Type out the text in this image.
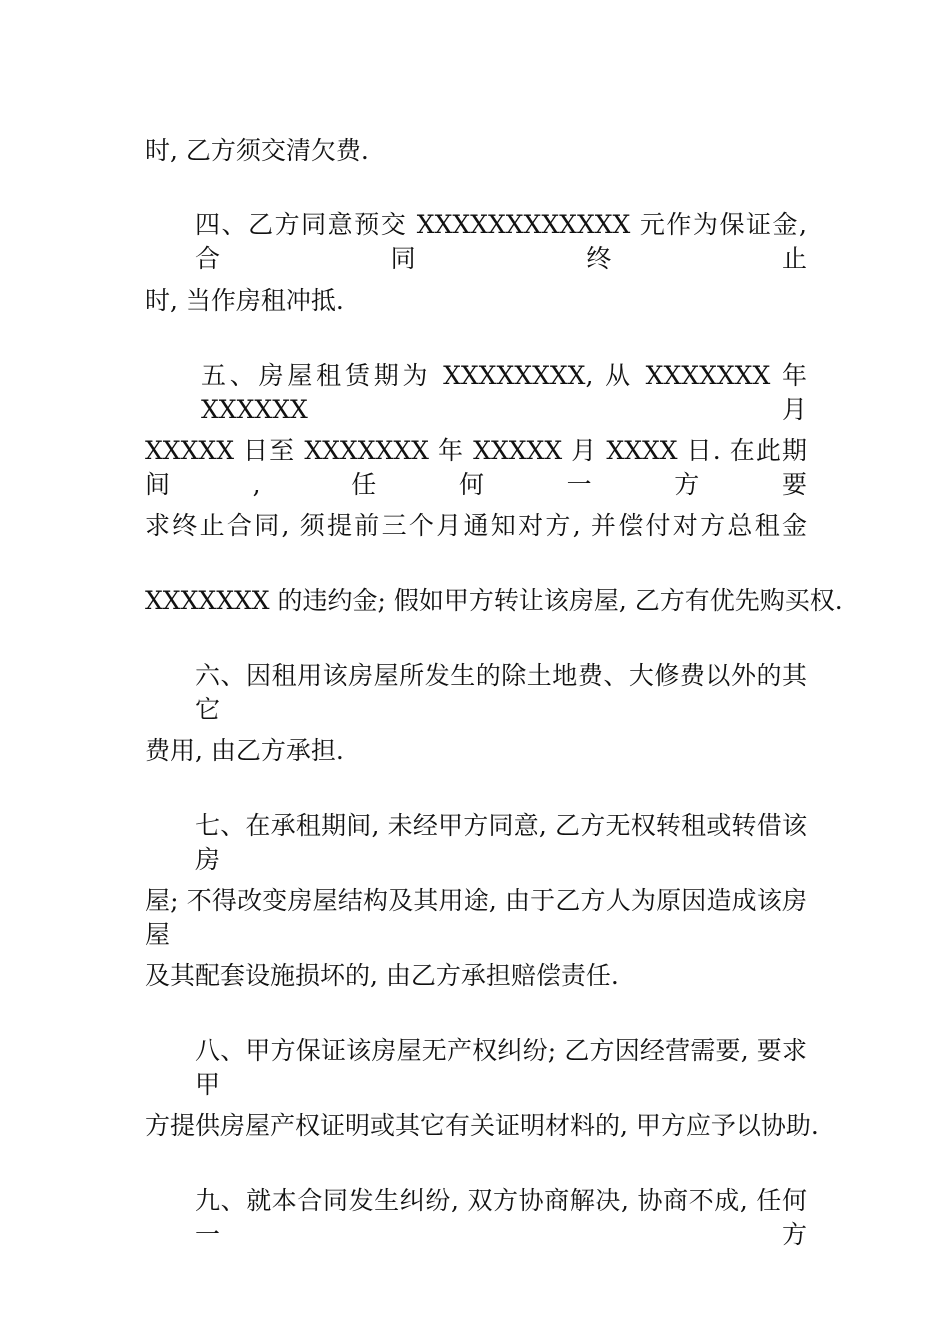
时, 乙方须交清欠费.
四、乙方同意预交 XXXXXXXXXXXX 元作为保证金, 合同终止
时, 当作房租冲抵.
五、房屋租赁期为 XXXXXXXX, 从 XXXXXXX 年 XXXXXX 月
XXXXX 日至 XXXXXXX 年 XXXXX 月 XXXX 日. 在此期间, 任何一方要
求终止合同, 须提前三个月通知对方, 并偿付对方总租金
XXXXXXX 的违约金; 假如甲方转让该房屋, 乙方有优先购买权.
六、因租用该房屋所发生的除土地费、大修费以外的其它
费用, 由乙方承担.
七、在承租期间, 未经甲方同意, 乙方无权转租或转借该房
屋; 不得改变房屋结构及其用途, 由于乙方人为原因造成该房屋
及其配套设施损坏的, 由乙方承担赔偿责任.
八、甲方保证该房屋无产权纠纷; 乙方因经营需要, 要求甲
方提供房屋产权证明或其它有关证明材料的, 甲方应予以协助.
九、就本合同发生纠纷, 双方协商解决, 协商不成, 任何一方
